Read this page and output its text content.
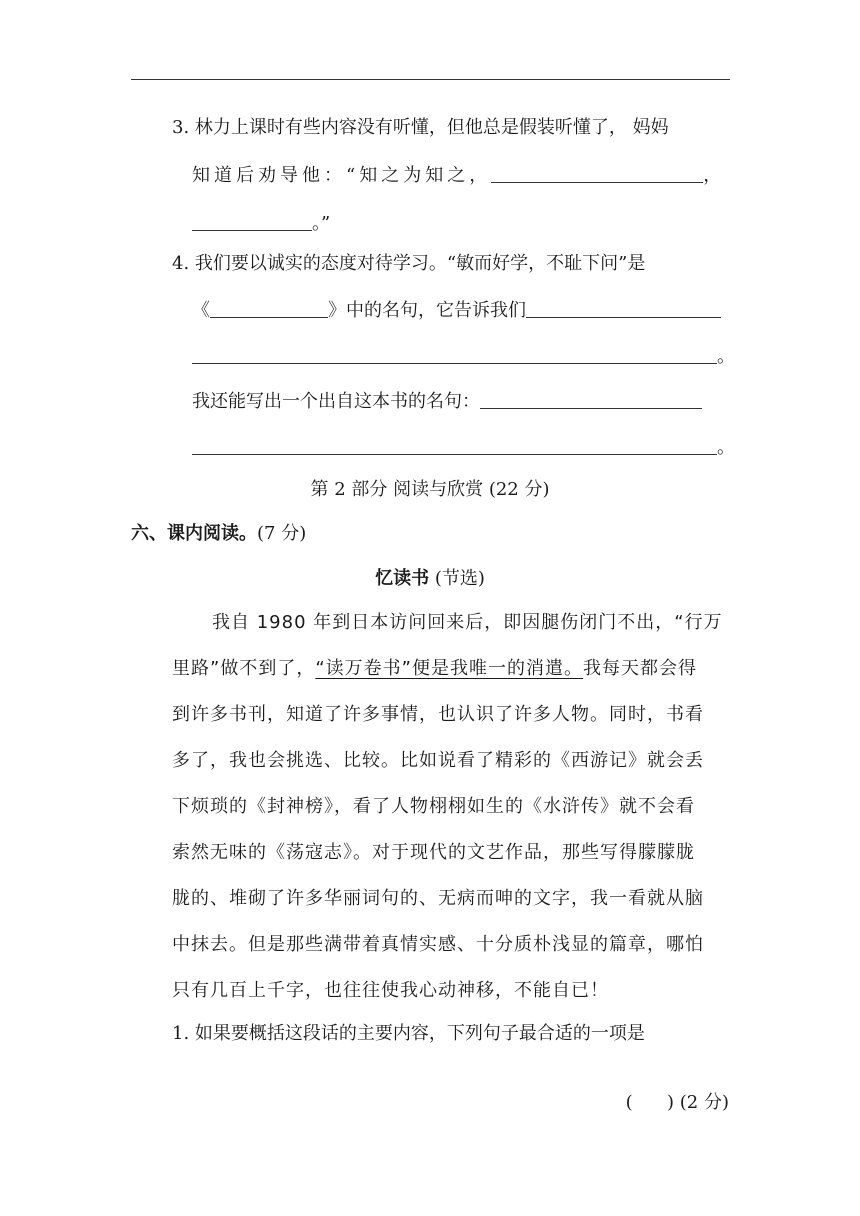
3. 林力上课时有些内容没有听懂，但他总是假装听懂了， 妈妈
知道后劝导他：“知之为知之，	，
。”
4. 我们要以诚实的态度对待学习。“敏而好学，不耻下问”是
《	》中的名句，它告诉我们
。
我还能写出一个出自这本书的名句：
。
第 2 部分 阅读与欣赏 (22 分)
六、课内阅读。(7 分)
忆读书 (节选)
我自 1980 年到日本访问回来后，即因腿伤闭门不出，“行万
里路”做不到了，“读万卷书”便是我唯一的消遣。我每天都会得
到许多书刊，知道了许多事情，也认识了许多人物。同时，书看
多了，我也会挑选、比较。比如说看了精彩的《西游记》就会丢
下烦琐的《封神榜》，看了人物栩栩如生的《水浒传》就不会看
索然无味的《荡寇志》。对于现代的文艺作品，那些写得朦朦胧
胧的、堆砌了许多华丽词句的、无病而呻的文字，我一看就从脑
中抹去。但是那些满带着真情实感、十分质朴浅显的篇章，哪怕
只有几百上千字，也往往使我心动神移，不能自已！
1. 如果要概括这段话的主要内容，下列句子最合适的一项是

(      ) (2 分)
